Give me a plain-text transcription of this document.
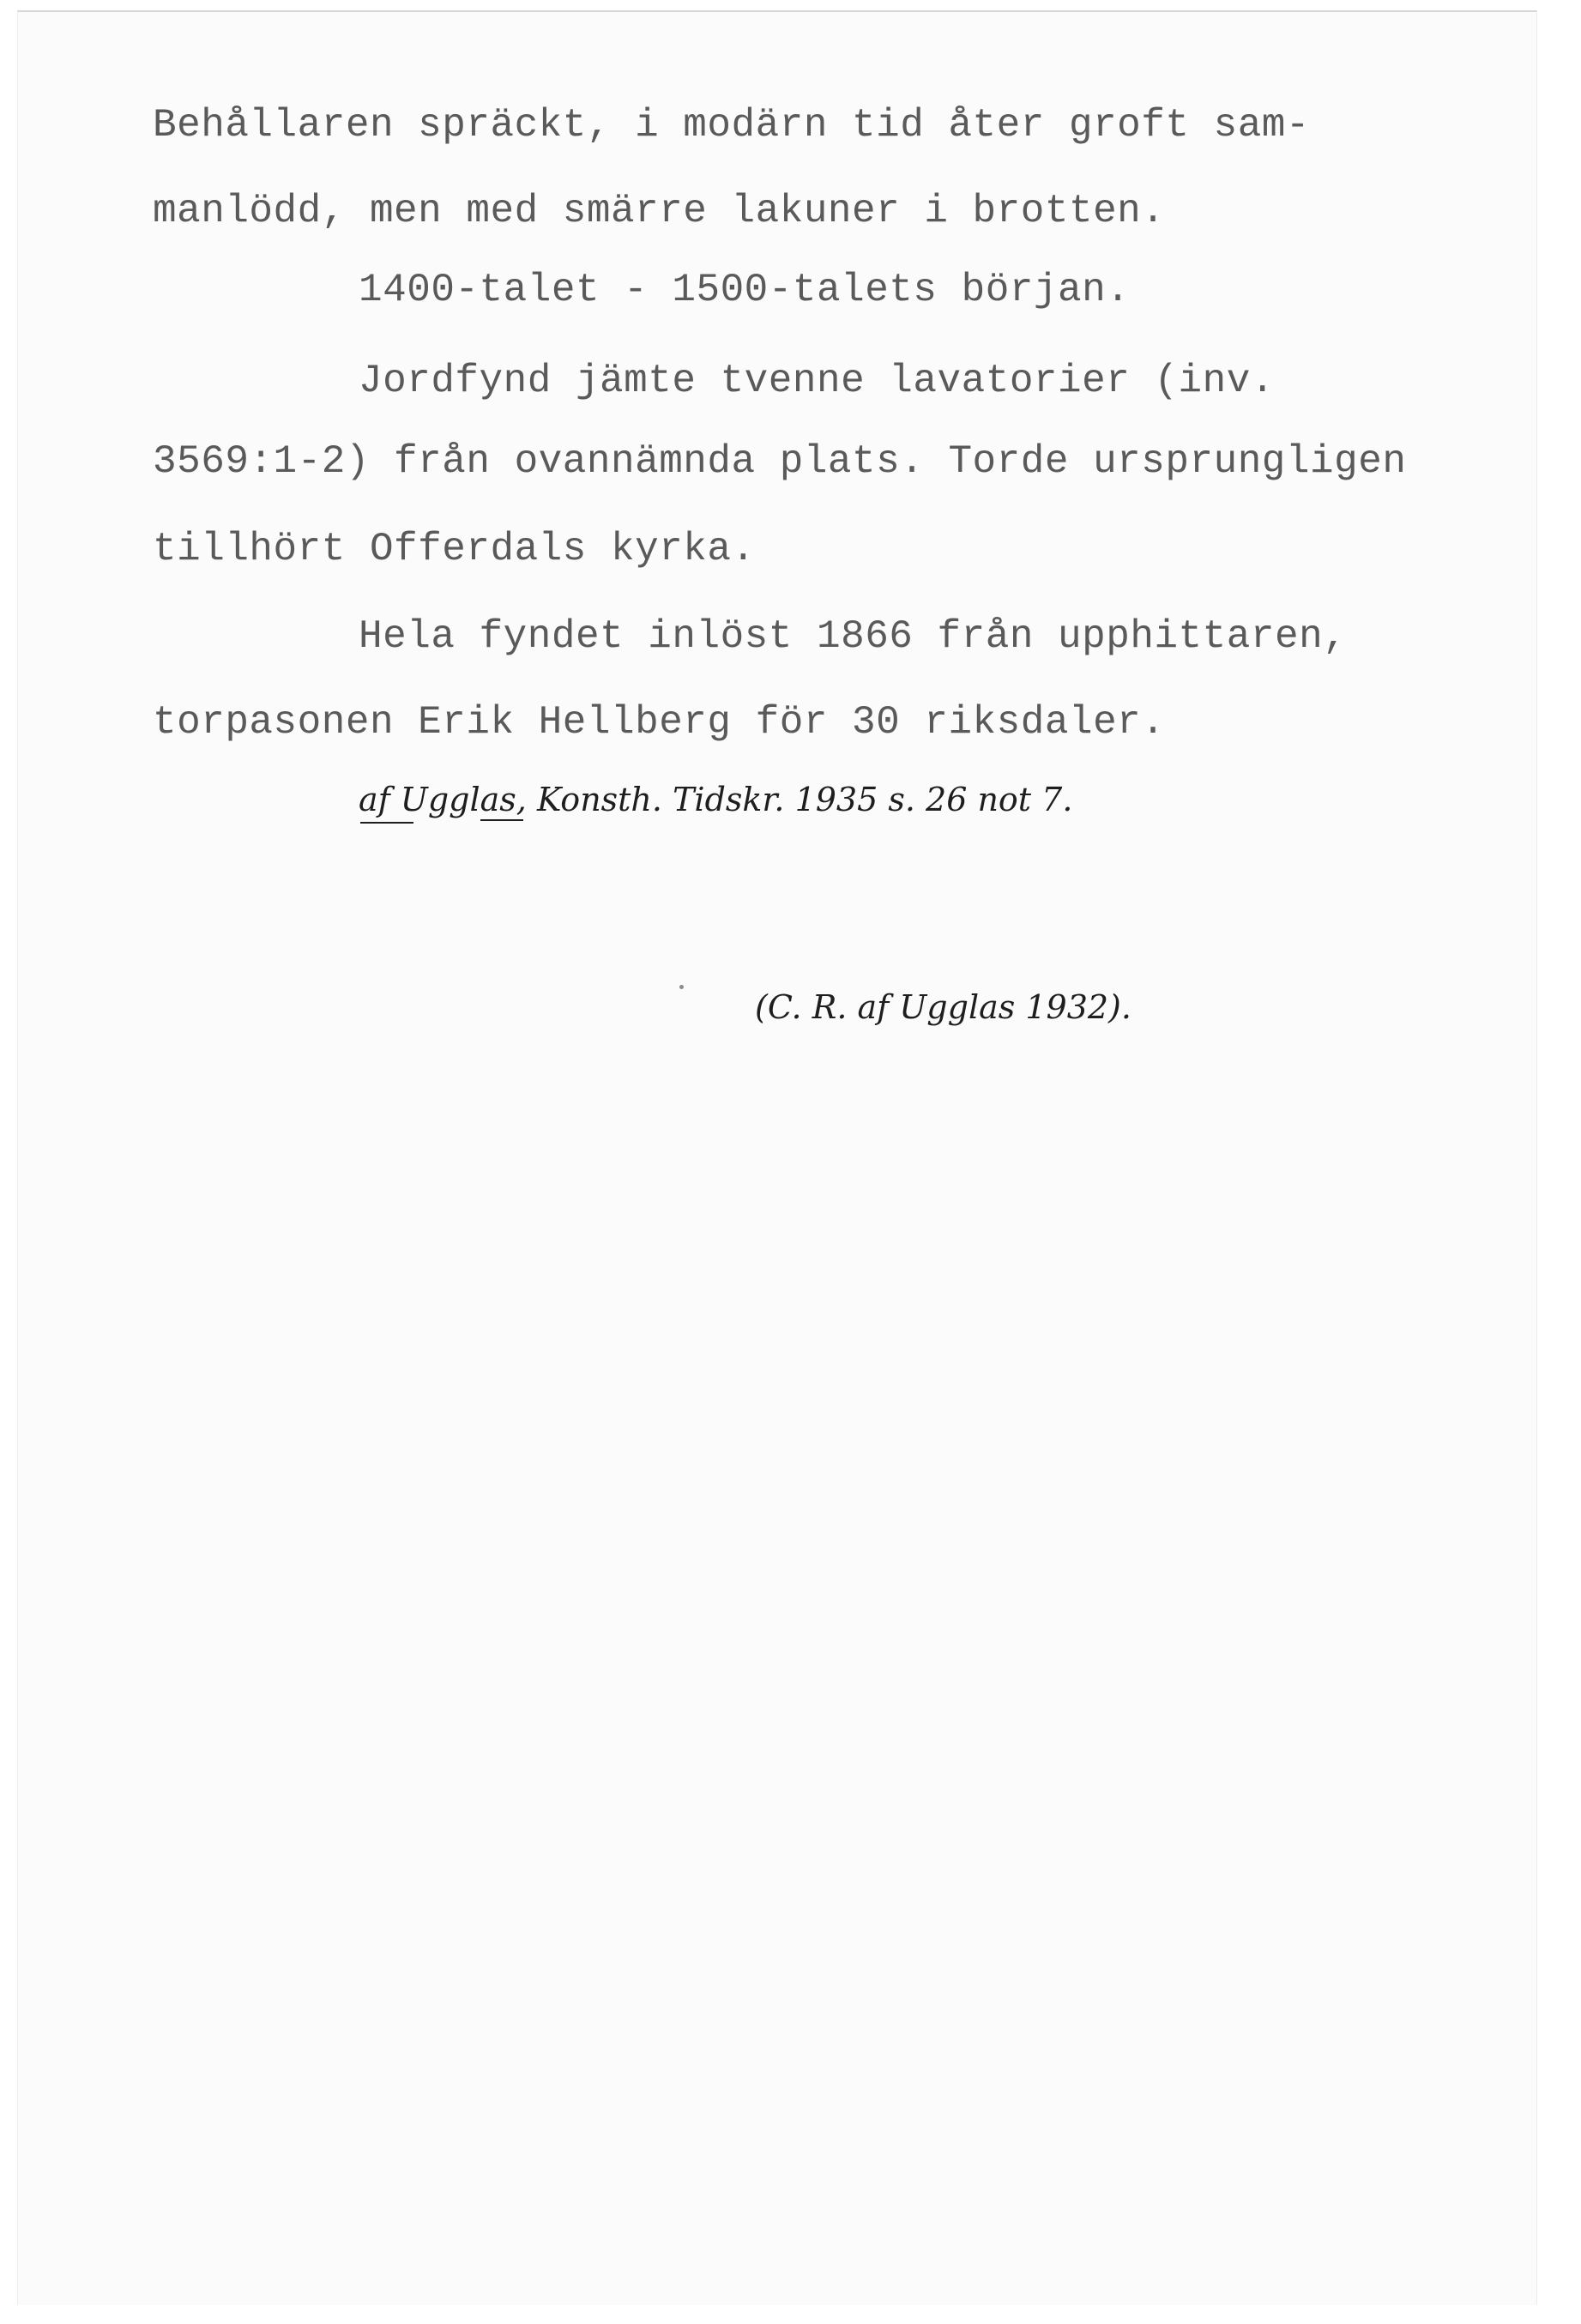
Behållaren spräckt, i modärn tid åter groft sam-
manlödd, men med smärre lakuner i brotten.
1400-talet - 1500-talets början.
Jordfynd jämte tvenne lavatorier (inv.
3569:1-2) från ovannämnda plats. Torde ursprungligen
tillhört Offerdals kyrka.
Hela fyndet inlöst 1866 från upphittaren,
torpasonen Erik Hellberg för 30 riksdaler.
af Ugglas, Konsth. Tidskr. 1935 s. 26 not 7.
(C. R. af Ugglas 1932).
